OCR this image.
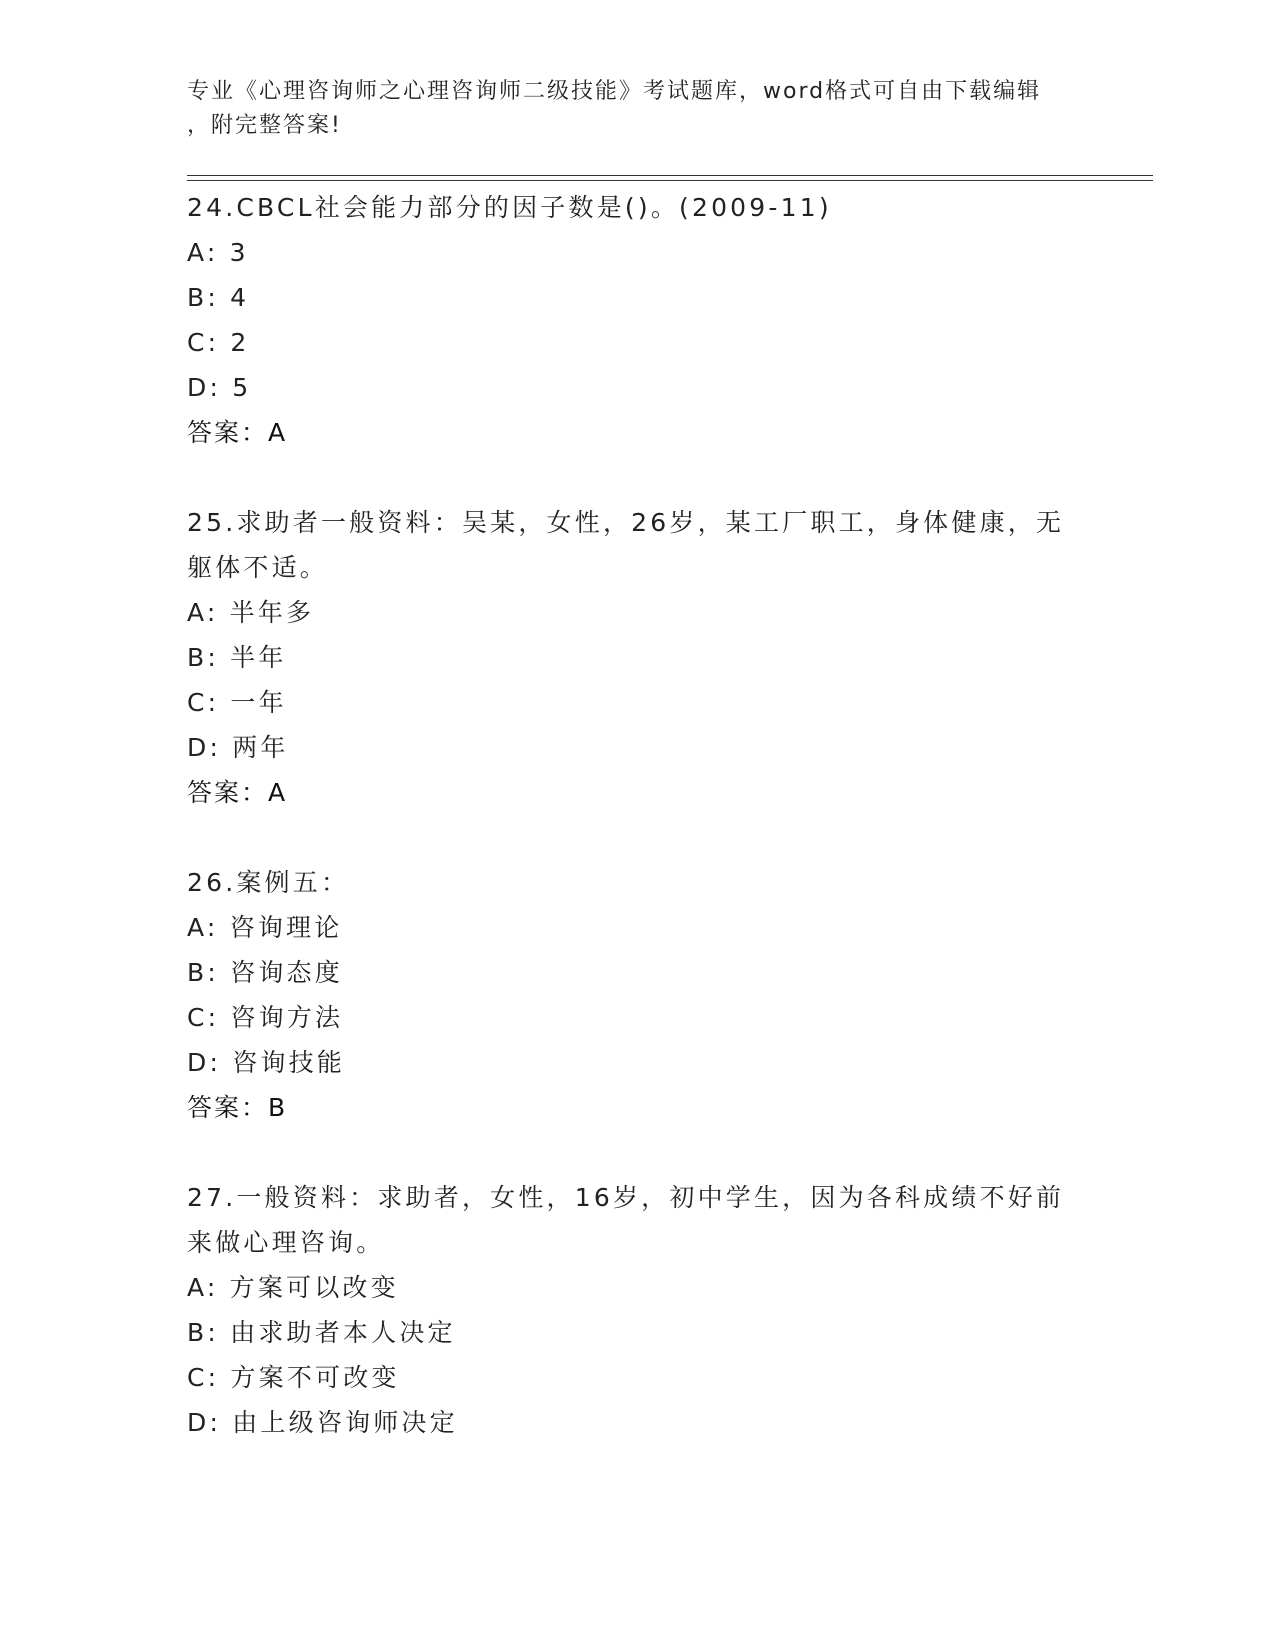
专业《心理咨询师之心理咨询师二级技能》考试题库，word格式可自由下载编辑
，附完整答案!
24.CBCL社会能力部分的因子数是()。(2009-11)
A: 3
B: 4
C: 2
D: 5
答案：A
25.求助者一般资料：吴某，女性，26岁，某工厂职工，身体健康，无
躯体不适。
A: 半年多
B: 半年
C: 一年
D: 两年
答案：A
26.案例五：
A: 咨询理论
B: 咨询态度
C: 咨询方法
D: 咨询技能
答案：B
27.一般资料：求助者，女性，16岁，初中学生，因为各科成绩不好前
来做心理咨询。
A: 方案可以改变
B: 由求助者本人决定
C: 方案不可改变
D: 由上级咨询师决定
